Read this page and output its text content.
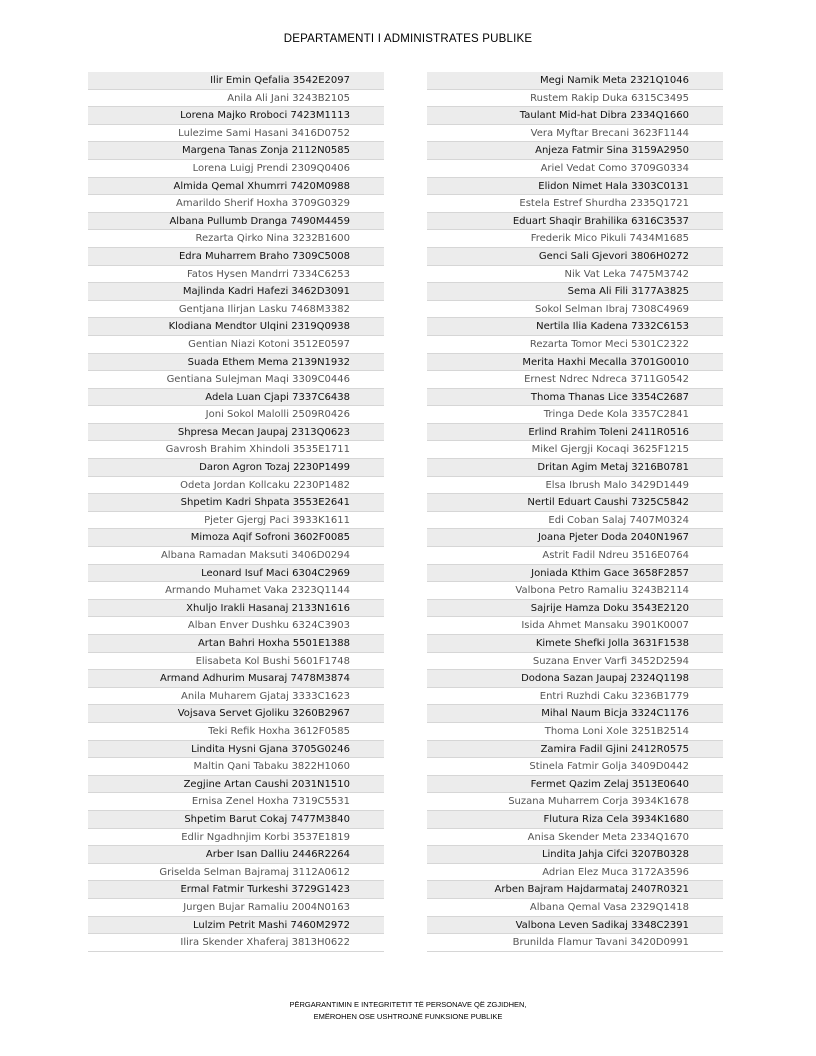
DEPARTAMENTI I ADMINISTRATES PUBLIKE
Ilir Emin Qefalia 3542E2097
Anila Ali Jani 3243B2105
Lorena Majko Rroboci 7423M1113
Lulezime Sami Hasani 3416D0752
Margena Tanas Zonja 2112N0585
Lorena Luigj Prendi 2309Q0406
Almida Qemal Xhumrri 7420M0988
Amarildo Sherif Hoxha 3709G0329
Albana Pullumb Dranga 7490M4459
Rezarta Qirko Nina 3232B1600
Edra Muharrem Braho 7309C5008
Fatos Hysen Mandrri 7334C6253
Majlinda Kadri Hafezi 3462D3091
Gentjana Ilirjan Lasku 7468M3382
Klodiana Mendtor Ulqini 2319Q0938
Gentian Niazi Kotoni 3512E0597
Suada Ethem Mema 2139N1932
Gentiana Sulejman Maqi 3309C0446
Adela Luan Cjapi 7337C6438
Joni Sokol Malolli 2509R0426
Shpresa Mecan Jaupaj 2313Q0623
Gavrosh Brahim Xhindoli 3535E1711
Daron Agron Tozaj 2230P1499
Odeta Jordan Kollcaku 2230P1482
Shpetim Kadri Shpata 3553E2641
Pjeter Gjergj Paci 3933K1611
Mimoza Aqif Sofroni 3602F0085
Albana Ramadan Maksuti 3406D0294
Leonard Isuf Maci 6304C2969
Armando Muhamet Vaka 2323Q1144
Xhuljo Irakli Hasanaj 2133N1616
Alban Enver Dushku 6324C3903
Artan Bahri Hoxha 5501E1388
Elisabeta Kol Bushi 5601F1748
Armand Adhurim Musaraj 7478M3874
Anila Muharem Gjataj 3333C1623
Vojsava Servet Gjoliku 3260B2967
Teki Refik Hoxha 3612F0585
Lindita Hysni Gjana 3705G0246
Maltin Qani Tabaku 3822H1060
Zegjine Artan Caushi 2031N1510
Ernisa Zenel Hoxha 7319C5531
Shpetim Barut Cokaj 7477M3840
Edlir Ngadhnjim Korbi 3537E1819
Arber Isan Dalliu 2446R2264
Griselda Selman Bajramaj 3112A0612
Ermal Fatmir Turkeshi 3729G1423
Jurgen Bujar Ramaliu 2004N0163
Lulzim Petrit Mashi 7460M2972
Ilira Skender Xhaferaj 3813H0622
Megi Namik Meta 2321Q1046
Rustem Rakip Duka 6315C3495
Taulant Mid-hat Dibra 2334Q1660
Vera Myftar Brecani 3623F1144
Anjeza Fatmir Sina 3159A2950
Ariel Vedat Como 3709G0334
Elidon Nimet Hala 3303C0131
Estela Estref Shurdha 2335Q1721
Eduart Shaqir Brahilika 6316C3537
Frederik Mico Pikuli 7434M1685
Genci Sali Gjevori 3806H0272
Nik Vat Leka 7475M3742
Sema Ali Fili 3177A3825
Sokol Selman Ibraj 7308C4969
Nertila Ilia Kadena 7332C6153
Rezarta Tomor Meci 5301C2322
Merita Haxhi Mecalla 3701G0010
Ernest Ndrec Ndreca 3711G0542
Thoma Thanas Lice 3354C2687
Tringa Dede Kola 3357C2841
Erlind Rrahim Toleni 2411R0516
Mikel Gjergji Kocaqi 3625F1215
Dritan Agim Metaj 3216B0781
Elsa Ibrush Malo 3429D1449
Nertil Eduart Caushi 7325C5842
Edi Coban Salaj 7407M0324
Joana Pjeter Doda 2040N1967
Astrit Fadil Ndreu 3516E0764
Joniada Kthim Gace 3658F2857
Valbona Petro Ramaliu 3243B2114
Sajrije Hamza Doku 3543E2120
Isida Ahmet Mansaku 3901K0007
Kimete Shefki Jolla 3631F1538
Suzana Enver Varfi 3452D2594
Dodona Sazan Jaupaj 2324Q1198
Entri Ruzhdi Caku 3236B1779
Mihal Naum Bicja 3324C1176
Thoma Loni Xole 3251B2514
Zamira Fadil Gjini 2412R0575
Stinela Fatmir Golja 3409D0442
Fermet Qazim Zelaj 3513E0640
Suzana Muharrem Corja 3934K1678
Flutura Riza Cela 3934K1680
Anisa Skender Meta 2334Q1670
Lindita Jahja Cifci 3207B0328
Adrian Elez Muca 3172A3596
Arben Bajram Hajdarmataj 2407R0321
Albana Qemal Vasa 2329Q1418
Valbona Leven Sadikaj 3348C2391
Brunilda Flamur Tavani 3420D0991
PËRGARANTIMIN E INTEGRITETIT TË PERSONAVE QË ZGJIDHEN,
EMËROHEN OSE USHTROJNË FUNKSIONE PUBLIKE
